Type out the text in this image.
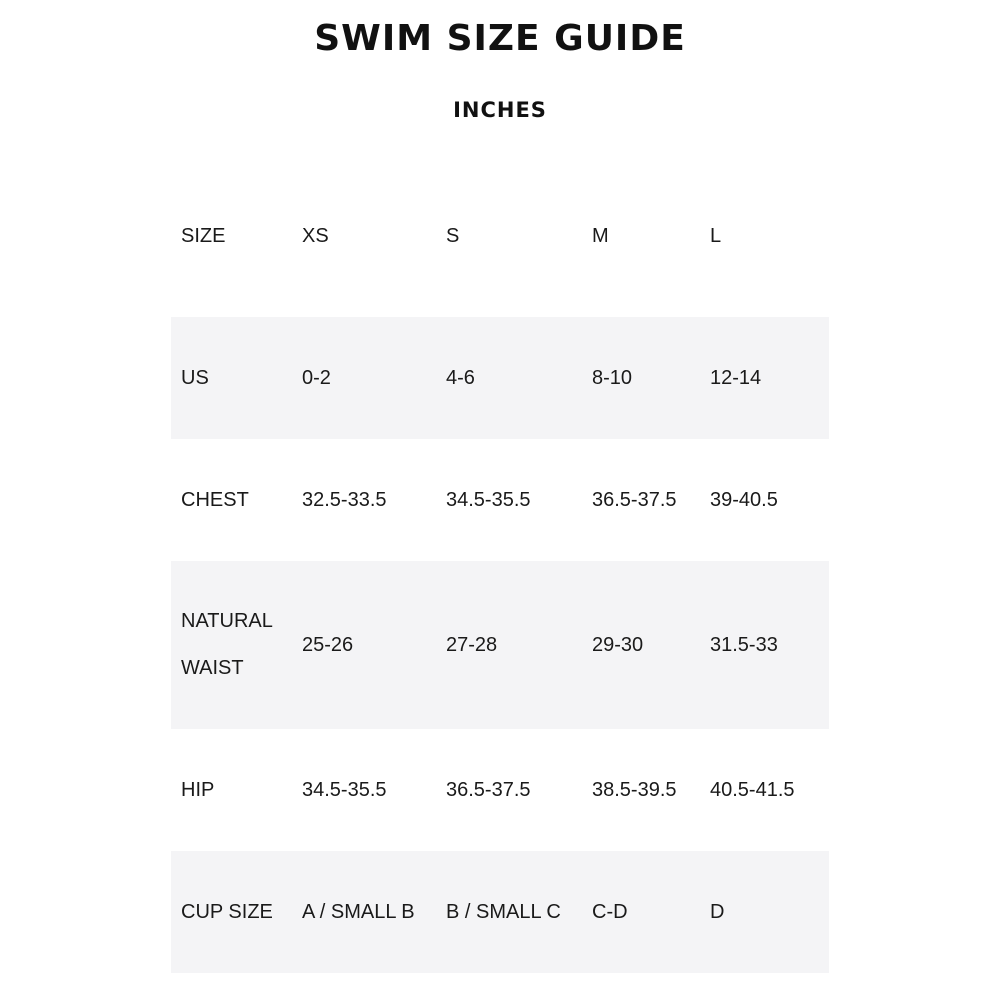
SWIM SIZE GUIDE
INCHES
SIZE	XS	S	M	L
US	0-2	4-6	8-10	12-14
CHEST	32.5-33.5	34.5-35.5	36.5-37.5	39-40.5
NATURAL
WAIST
25-26	27-28	29-30	31.5-33
HIP	34.5-35.5	36.5-37.5	38.5-39.5	40.5-41.5
CUP SIZE	A / SMALL B	B / SMALL C	C-D	D
